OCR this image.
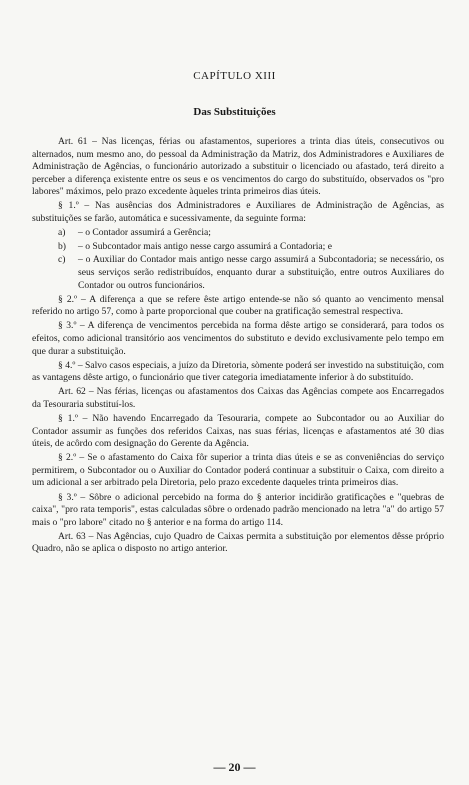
CAPÍTULO XIII
Das Substituições

Art. 61 – Nas licenças, férias ou afastamentos, superiores a trinta dias úteis, consecutivos ou alternados, num mesmo ano, do pessoal da Administração da Matriz, dos Administradores e Auxiliares de Administração de Agências, o funcionário autorizado a substituir o licenciado ou afastado, terá direito a perceber a diferença existente entre os seus e os vencimentos do cargo do substituído, observados os "pro labores" máximos, pelo prazo excedente àqueles trinta primeiros dias úteis.

§ 1.º – Nas ausências dos Administradores e Auxiliares de Administração de Agências, as substituições se farão, automática e sucessivamente, da seguinte forma:

a)	– o Contador assumirá a Gerência;
b)	– o Subcontador mais antigo nesse cargo assumirá a Contadoria; e
c)	– o Auxiliar do Contador mais antigo nesse cargo assumirá a Subcontadoria; se necessário, os seus serviços serão redistribuídos, enquanto durar a substituição, entre outros Auxiliares do Contador ou outros funcionários.

§ 2.º – A diferença a que se refere êste artigo entende-se não só quanto ao vencimento mensal referido no artigo 57, como à parte proporcional que couber na gratificação semestral respectiva.

§ 3.º – A diferença de vencimentos percebida na forma dêste artigo se considerará, para todos os efeitos, como adicional transitório aos vencimentos do substituto e devido exclusivamente pelo tempo em que durar a substituição.

§ 4.º – Salvo casos especiais, a juízo da Diretoria, sòmente poderá ser investido na substituição, com as vantagens dêste artigo, o funcionário que tiver categoria imediatamente inferior à do substituído.

Art. 62 – Nas férias, licenças ou afastamentos dos Caixas das Agências compete aos Encarregados da Tesouraria substituí-los.

§ 1.º – Não havendo Encarregado da Tesouraria, compete ao Subcontador ou ao Auxiliar do Contador assumir as funções dos referidos Caixas, nas suas férias, licenças e afastamentos até 30 dias úteis, de acôrdo com designação do Gerente da Agência.

§ 2.º – Se o afastamento do Caixa fôr superior a trinta dias úteis e se as conveniências do serviço permitirem, o Subcontador ou o Auxiliar do Contador poderá continuar a substituir o Caixa, com direito a um adicional a ser arbitrado pela Diretoria, pelo prazo excedente daqueles trinta primeiros dias.

§ 3.º – Sôbre o adicional percebido na forma do § anterior incidirão gratificações e "quebras de caixa", "pro rata temporis", estas calculadas sôbre o ordenado padrão mencionado na letra "a" do artigo 57 mais o "pro labore" citado no § anterior e na forma do artigo 114.

Art. 63 – Nas Agências, cujo Quadro de Caixas permita a substituição por elementos dêsse próprio Quadro, não se aplica o disposto no artigo anterior.

— 20 —
